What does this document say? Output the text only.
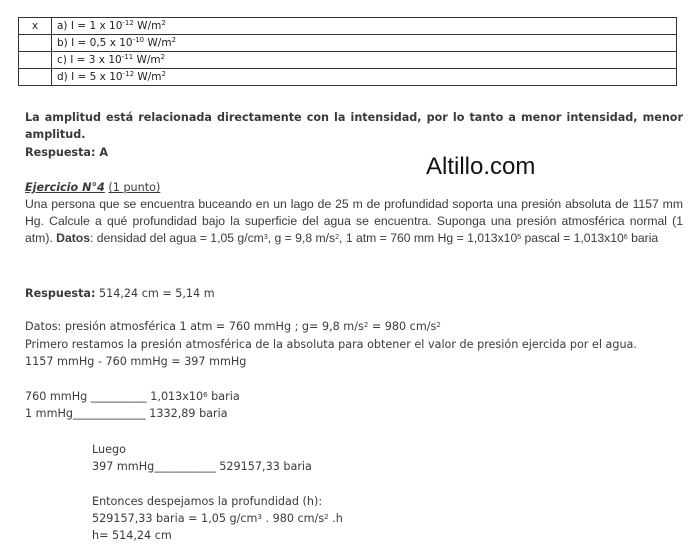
x	a) I = 1 x $10^{-12}$ $W/m^2$
	b) I = 0,5 x $10^{-10}$ $W/m^2$
	c) I = 3 x $10^{-11}$ $W/m^2$
	d) I = 5 x $10^{-12}$ $W/m^2$
La amplitud está relacionada directamente con la intensidad, por lo tanto a menor intensidad, menor amplitud.
Respuesta: A
Altillo.com
Ejercicio N°4 (1 punto)
Una persona que se encuentra buceando en un lago de 25 m de profundidad soporta una presión absoluta de 1157 mm Hg. Calcule a qué profundidad bajo la superficie del agua se encuentra. Suponga una presión atmosférica normal (1 atm). Datos: densidad del agua = 1,05 $g/cm^3$, g = 9,8 $m/s^2$, 1 atm = 760 mm $Hg = 1,013x10^5$ pascal = $1,013x10^6$ baria
Respuesta: 514,24 cm = 5,14 m
Datos: presión atmosférica 1 atm = 760 mmHg ; g= 9,8 $m/s^2 = 980$ $cm/s^2$
Primero restamos la presión atmosférica de la absoluta para obtener el valor de presión ejercida por el agua.
1157 mmHg - 760 mmHg = 397 mmHg
760 mmHg __________ $1,013x10^6$ baria
1 mmHg_____________ 1332,89 baria
Luego
397 mmHg___________ 529157,33 baria
Entonces despejamos la profundidad (h):
529157,33 baria = 1,05 $g/cm^3$ . 980 $cm/s^2$ .h
h= 514,24 cm
